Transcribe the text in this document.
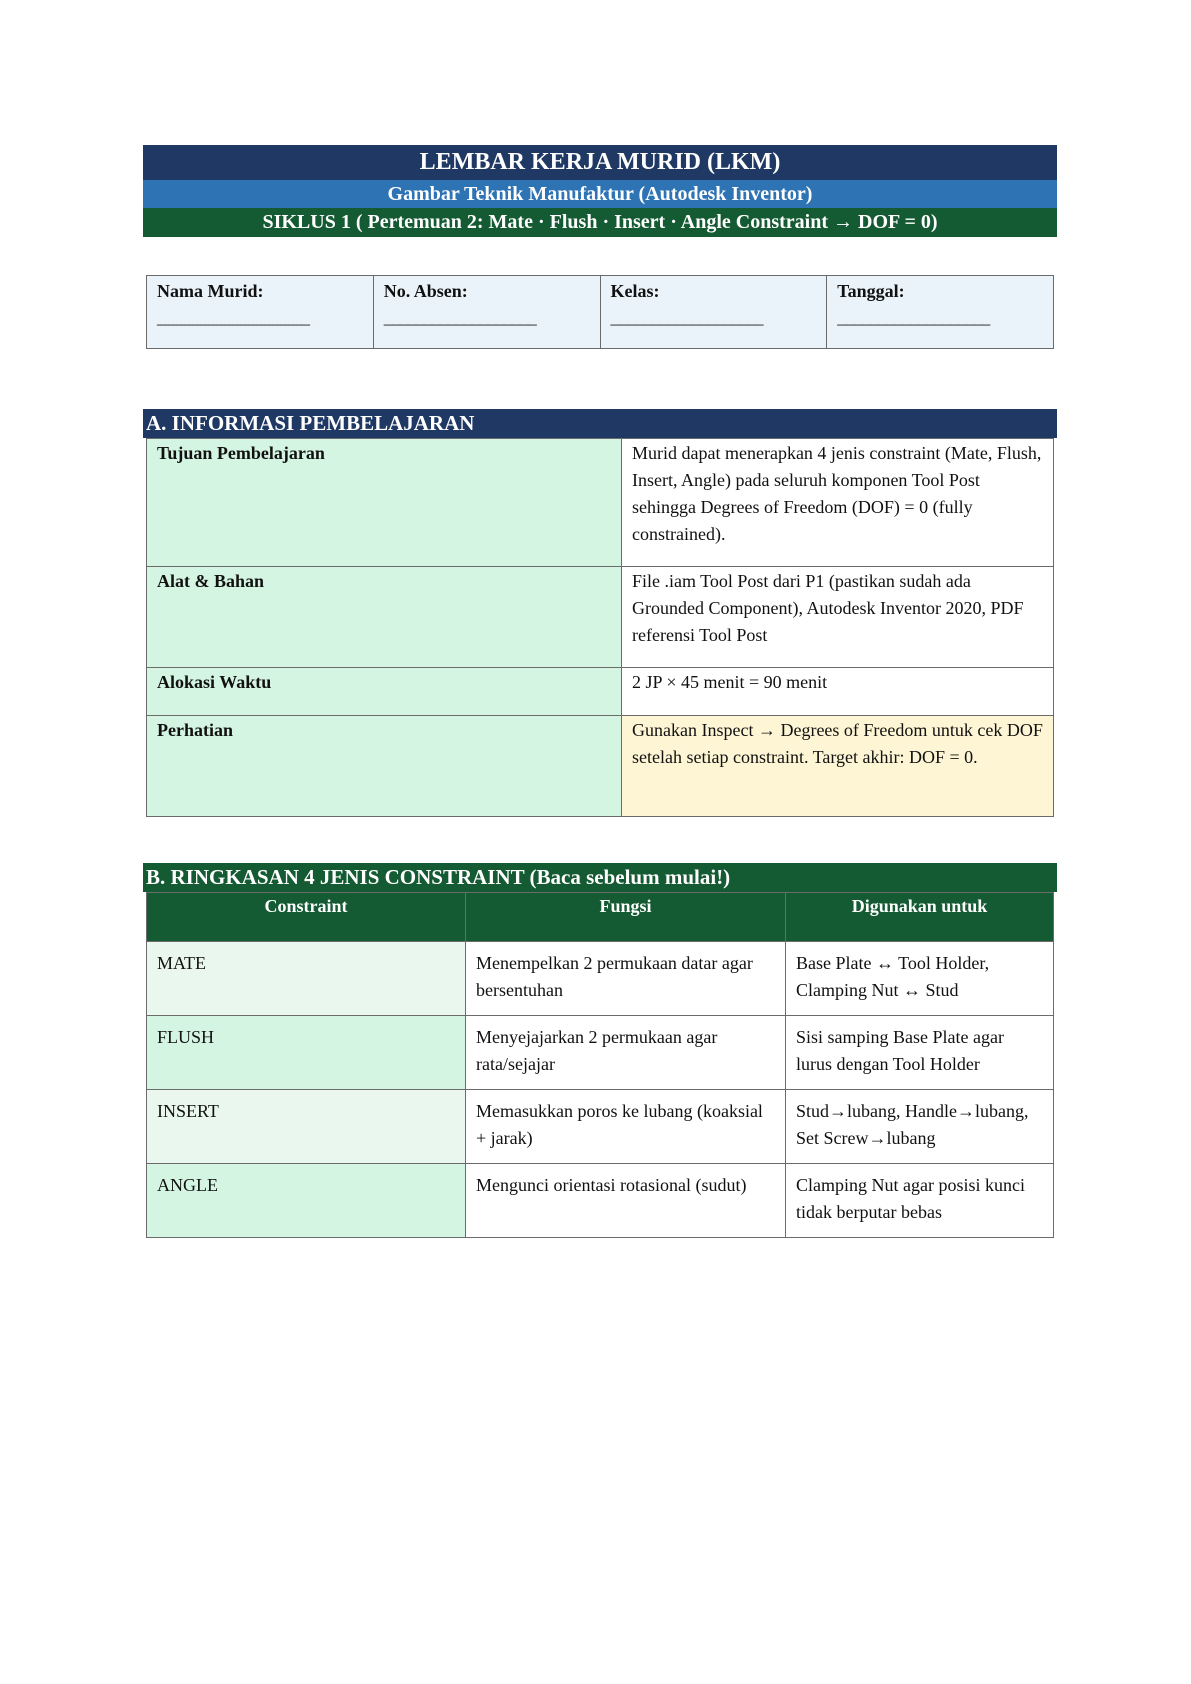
LEMBAR KERJA MURID (LKM)
Gambar Teknik Manufaktur (Autodesk Inventor)
SIKLUS 1 ( Pertemuan 2: Mate · Flush · Insert · Angle Constraint → DOF = 0)
Nama Murid:
___________________

No. Absen:
___________________

Kelas:
___________________

Tanggal:
___________________
A. INFORMASI PEMBELAJARAN
Tujuan Pembelajaran	Murid dapat menerapkan 4 jenis constraint (Mate, Flush, Insert, Angle) pada seluruh komponen Tool Post sehingga Degrees of Freedom (DOF) = 0 (fully constrained).
Alat & Bahan	File .iam Tool Post dari P1 (pastikan sudah ada Grounded Component), Autodesk Inventor 2020, PDF referensi Tool Post
Alokasi Waktu	2 JP × 45 menit = 90 menit
Perhatian	Gunakan Inspect → Degrees of Freedom untuk cek DOF setelah setiap constraint. Target akhir: DOF = 0.
B. RINGKASAN 4 JENIS CONSTRAINT (Baca sebelum mulai!)
Constraint	Fungsi	Digunakan untuk
MATE	Menempelkan 2 permukaan datar agar bersentuhan	Base Plate ↔ Tool Holder, Clamping Nut ↔ Stud
FLUSH	Menyejajarkan 2 permukaan agar rata/sejajar	Sisi samping Base Plate agar lurus dengan Tool Holder
INSERT	Memasukkan poros ke lubang (koaksial + jarak)	Stud→lubang, Handle→lubang, Set Screw→lubang
ANGLE	Mengunci orientasi rotasional (sudut)	Clamping Nut agar posisi kunci tidak berputar bebas
